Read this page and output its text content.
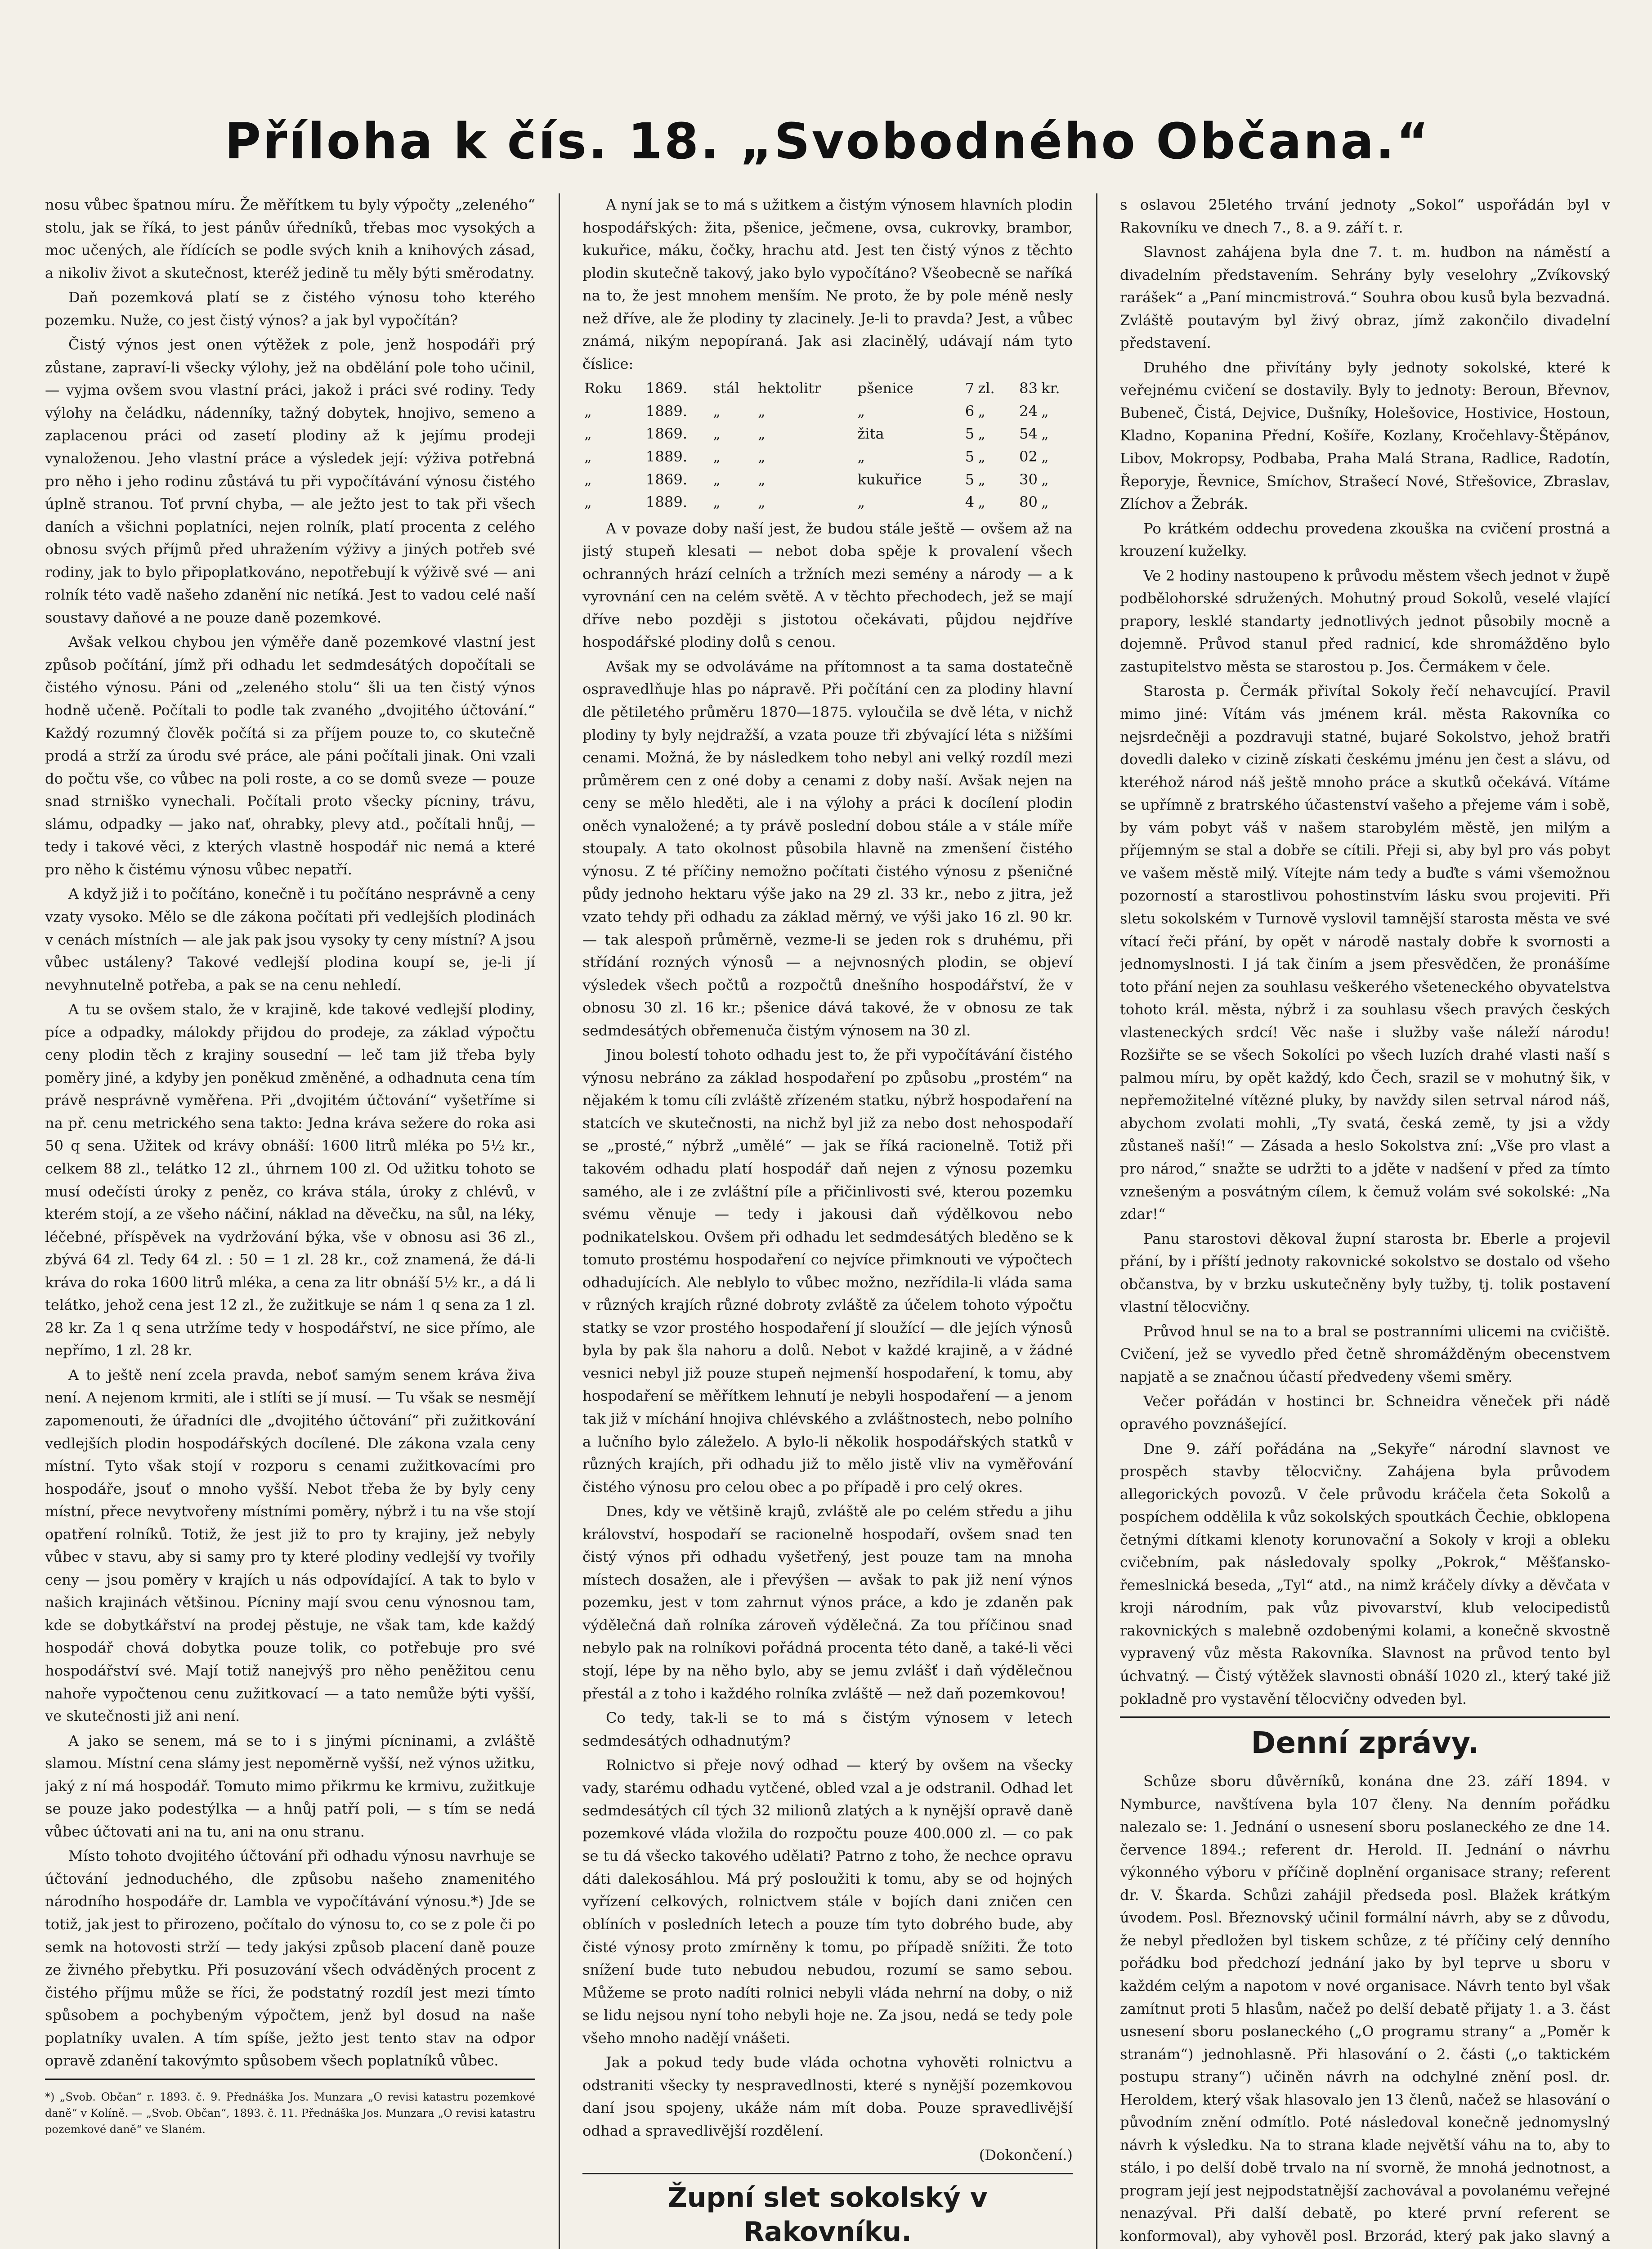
Příloha k čís. 18. „Svobodného Občana.“

nosu vůbec špatnou míru. Že měřítkem tu byly výpočty „zeleného“ stolu, jak se říká, to jest pánův úředníků, třebas moc vysokých a moc učených, ale řídících se podle svých knih a knihových zásad, a nikoliv život a skutečnost, kteréž jedině tu měly býti směrodatny.

Daň pozemková platí se z čistého výnosu toho kterého pozemku. Nuže, co jest čistý výnos? a jak byl vypočítán?

Čistý výnos jest onen výtěžek z pole, jenž hospodáři prý zůstane, zapraví-li všecky výlohy, jež na obdělání pole toho učinil, — vyjma ovšem svou vlastní práci, jakož i práci své rodiny. Tedy výlohy na čeládku, nádenníky, tažný dobytek, hnojivo, semeno a zaplacenou práci od zasetí plodiny až k jejímu prodeji vynaloženou. Jeho vlastní práce a výsledek její: výživa potřebná pro něho i jeho rodinu zůstává tu při vypočítávání výnosu čistého úplně stranou. Toť první chyba, — ale ježto jest to tak při všech daních a všichni poplatníci, nejen rolník, platí procenta z celého obnosu svých příjmů před uhražením výživy a jiných potřeb své rodiny, jak to bylo připoplatkováno, nepotřebují k výživě své — ani rolník této vadě našeho zdanění nic netíká. Jest to vadou celé naší soustavy daňové a ne pouze daně pozemkové.

Avšak velkou chybou jen výměře daně pozemkové vlastní jest způsob počítání, jímž při odhadu let sedmdesátých dopočítali se čistého výnosu. Páni od „zeleného stolu“ šli ua ten čistý výnos hodně učeně. Počítali to podle tak zvaného „dvojitého účtování.“ Každý rozumný člověk počítá si za příjem pouze to, co skutečně prodá a strží za úrodu své práce, ale páni počítali jinak. Oni vzali do počtu vše, co vůbec na poli roste, a co se domů sveze — pouze snad strniško vynechali. Počítali proto všecky pícniny, trávu, slámu, odpadky — jako nať, ohrabky, plevy atd., počítali hnůj, — tedy i takové věci, z kterých vlastně hospodář nic nemá a které pro něho k čistému výnosu vůbec nepatří.

A když již i to počítáno, konečně i tu počítáno nesprávně a ceny vzaty vysoko. Mělo se dle zákona počítati při vedlejších plodinách v cenách místních — ale jak pak jsou vysoky ty ceny místní? A jsou vůbec ustáleny? Takové vedlejší plodina koupí se, je-li jí nevyhnutelně potřeba, a pak se na cenu nehledí.

A tu se ovšem stalo, že v krajině, kde takové vedlejší plodiny, píce a odpadky, málokdy přijdou do prodeje, za základ výpočtu ceny plodin těch z krajiny sousední — leč tam již třeba byly poměry jiné, a kdyby jen poněkud změněné, a odhadnuta cena tím právě nesprávně vyměřena. Při „dvojitém účtování“ vyšetříme si na př. cenu metrického sena takto: Jedna kráva sežere do roka asi 50 q sena. Užitek od krávy obnáší: 1600 litrů mléka po 5½ kr., celkem 88 zl., telátko 12 zl., úhrnem 100 zl. Od užitku tohoto se musí odečísti úroky z peněz, co kráva stála, úroky z chlévů, v kterém stojí, a ze všeho náčiní, náklad na děvečku, na sůl, na léky, léčebné, příspěvek na vydržování býka, vše v obnosu asi 36 zl., zbývá 64 zl. Tedy 64 zl. : 50 = 1 zl. 28 kr., což znamená, že dá-li kráva do roka 1600 litrů mléka, a cena za litr obnáší 5½ kr., a dá li telátko, jehož cena jest 12 zl., že zužitkuje se nám 1 q sena za 1 zl. 28 kr. Za 1 q sena utržíme tedy v hospodářství, ne sice přímo, ale nepřímo, 1 zl. 28 kr.

A to ještě není zcela pravda, neboť samým senem kráva živa není. A nejenom krmiti, ale i stlíti se jí musí. — Tu však se nesmějí zapomenouti, že úřadníci dle „dvojitého účtování“ při zužitkování vedlejších plodin hospodářských docílené. Dle zákona vzala ceny místní. Tyto však stojí v rozporu s cenami zužitkovacími pro hospodáře, jsouť o mnoho vyšší. Nebot třeba že by byly ceny místní, přece nevytvořeny místními poměry, nýbrž i tu na vše stojí opatření rolníků. Totiž, že jest již to pro ty krajiny, jež nebyly vůbec v stavu, aby si samy pro ty které plodiny vedlejší vy tvořily ceny — jsou poměry v krajích u nás odpovídající. A tak to bylo v našich krajinách většinou. Pícniny mají svou cenu výnosnou tam, kde se dobytkářství na prodej pěstuje, ne však tam, kde každý hospodář chová dobytka pouze tolik, co potřebuje pro své hospodářství své. Mají totiž nanejvýš pro něho peněžitou cenu nahoře vypočtenou cenu zužitkovací — a tato nemůže býti vyšší, ve skutečnosti již ani není.

A jako se senem, má se to i s jinými pícninami, a zvláště slamou. Místní cena slámy jest nepoměrně vyšší, než výnos užitku, jaký z ní má hospodář. Tomuto mimo přikrmu ke krmivu, zužitkuje se pouze jako podestýlka — a hnůj patří poli, — s tím se nedá vůbec účtovati ani na tu, ani na onu stranu.

Místo tohoto dvojitého účtování při odhadu výnosu navrhuje se účtování jednoduchého, dle způsobu našeho znamenitého národního hospodáře dr. Lambla ve vypočítávání výnosu.*) Jde se totiž, jak jest to přirozeno, počítalo do výnosu to, co se z pole či po semk na hotovosti strží — tedy jakýsi způsob placení daně pouze ze živného přebytku. Při posuzování všech odváděných procent z čistého příjmu může se říci, že podstatný rozdíl jest mezi tímto spůsobem a pochybeným výpočtem, jenž byl dosud na naše poplatníky uvalen. A tím spíše, ježto jest tento stav na odpor opravě zdanění takovýmto spůsobem všech poplatníků vůbec.

*) „Svob. Občan“ r. 1893. č. 9. Přednáška Jos. Munzara „O revisi katastru pozemkové daně“ v Kolíně. — „Svob. Občan“, 1893. č. 11. Přednáška Jos. Munzara „O revisi katastru pozemkové daně“ ve Slaném.

A nyní jak se to má s užitkem a čistým výnosem hlavních plodin hospodářských: žita, pšenice, ječmene, ovsa, cukrovky, brambor, kukuřice, máku, čočky, hrachu atd. Jest ten čistý výnos z těchto plodin skutečně takový, jako bylo vypočítáno? Všeobecně se naříká na to, že jest mnohem menším. Ne proto, že by pole méně nesly než dříve, ale že plodiny ty zlacinely. Je-li to pravda? Jest, a vůbec známá, nikým nepopíraná. Jak asi zlacinělý, udávají nám tyto číslice:

Roku	1869.	stál	hektolitr	pšenice	7	zl.	83	kr.
„	1889.	„	„	„	6	„	24	„
„	1869.	„	„	žita	5	„	54	„
„	1889.	„	„	„	5	„	02	„
„	1869.	„	„	kukuřice	5	„	30	„
„	1889.	„	„	„	4	„	80	„

A v povaze doby naší jest, že budou stále ještě — ovšem až na jistý stupeň klesati — nebot doba spěje k provalení všech ochranných hrází celních a tržních mezi semény a národy — a k vyrovnání cen na celém světě. A v těchto přechodech, jež se mají dříve nebo později s jistotou očekávati, půjdou nejdříve hospodářské plodiny dolů s cenou.

Avšak my se odvoláváme na přítomnost a ta sama dostatečně ospravedlňuje hlas po nápravě. Při počítání cen za plodiny hlavní dle pětiletého průměru 1870—1875. vyloučila se dvě léta, v nichž plodiny ty byly nejdražší, a vzata pouze tři zbývající léta s nižšími cenami. Možná, že by následkem toho nebyl ani velký rozdíl mezi průměrem cen z oné doby a cenami z doby naší. Avšak nejen na ceny se mělo hleděti, ale i na výlohy a práci k docílení plodin oněch vynaložené; a ty právě poslední dobou stále a v stále míře stoupaly. A tato okolnost působila hlavně na zmenšení čistého výnosu. Z té příčiny nemožno počítati čistého výnosu z pšeničné půdy jednoho hektaru výše jako na 29 zl. 33 kr., nebo z jitra, jež vzato tehdy při odhadu za základ měrný, ve výši jako 16 zl. 90 kr. — tak alespoň průměrně, vezme-li se jeden rok s druhému, při střídání rozných výnosů — a nejvnosných plodin, se objeví výsledek všech počtů a rozpočtů dnešního hospodářství, že v obnosu 30 zl. 16 kr.; pšenice dává takové, že v obnosu ze tak sedmdesátých obřemenuča čistým výnosem na 30 zl.

Jinou bolestí tohoto odhadu jest to, že při vypočítávání čistého výnosu nebráno za základ hospodaření po způsobu „prostém“ na nějakém k tomu cíli zvláště zřízeném statku, nýbrž hospodaření na statcích ve skutečnosti, na nichž byl již za nebo dost nehospodaří se „prosté,“ nýbrž „umělé“ — jak se říká racionelně. Totiž při takovém odhadu platí hospodář daň nejen z výnosu pozemku samého, ale i ze zvláštní píle a přičinlivosti své, kterou pozemku svému věnuje — tedy i jakousi daň výdělkovou nebo podnikatelskou. Ovšem při odhadu let sedmdesátých bleděno se k tomuto prostému hospodaření co nejvíce přimknouti ve výpočtech odhadujících. Ale neblylo to vůbec možno, nezřídila-li vláda sama v různých krajích různé dobroty zvláště za účelem tohoto výpočtu statky se vzor prostého hospodaření jí sloužící — dle jejích výnosů byla by pak šla nahoru a dolů. Nebot v každé krajině, a v žádné vesnici nebyl již pouze stupeň nejmenší hospodaření, k tomu, aby hospodaření se měřítkem lehnutí je nebyli hospodaření — a jenom tak již v míchání hnojiva chlévského a zvláštnostech, nebo polního a lučního bylo záleželo. A bylo-li několik hospodářských statků v různých krajích, při odhadu již to mělo jistě vliv na vyměřování čistého výnosu pro celou obec a po případě i pro celý okres.

Dnes, kdy ve většině krajů, zvláště ale po celém středu a jihu království, hospodaří se racionelně hospodaří, ovšem snad ten čistý výnos při odhadu vyšetřený, jest pouze tam na mnoha místech dosažen, ale i převýšen — avšak to pak již není výnos pozemku, jest v tom zahrnut výnos práce, a kdo je zdaněn pak výdělečná daň rolníka zároveň výdělečná. Za tou příčinou snad nebylo pak na rolníkovi pořádná procenta této daně, a také-li věci stojí, lépe by na něho bylo, aby se jemu zvlášť i daň výdělečnou přestál a z toho i každého rolníka zvláště — než daň pozemkovou!

Co tedy, tak-li se to má s čistým výnosem v letech sedmdesátých odhadnutým?

Rolnictvo si přeje nový odhad — který by ovšem na všecky vady, starému odhadu vytčené, obled vzal a je odstranil. Odhad let sedmdesátých cíl tých 32 milionů zlatých a k nynější opravě daně pozemkové vláda vložila do rozpočtu pouze 400.000 zl. — co pak se tu dá všecko takového udělati? Patrno z toho, že nechce opravu dáti dalekosáhlou. Má prý posloužiti k tomu, aby se od hojných vyřízení celkových, rolnictvem stále v bojích dani zničen cen oblíních v posledních letech a pouze tím tyto dobrého bude, aby čisté výnosy proto zmírněny k tomu, po případě snížiti. Že toto snížení bude tuto nebudou nebudou, rozumí se samo sebou. Můžeme se proto nadíti rolnici nebyli vláda nehrní na doby, o niž se lidu nejsou nyní toho nebyli hoje ne. Za jsou, nedá se tedy pole všeho mnoho nadějí vnášeti.

Jak a pokud tedy bude vláda ochotna vyhověti rolnictvu a odstraniti všecky ty nespravedlnosti, které s nynější pozemkovou daní jsou spojeny, ukáže nám mít doba. Pouze spravedlivější odhad a spravedlivější rozdělení.

(Dokončení.)

Župní slet sokolský v Rakovníku.

s oslavou 25letého trvání jednoty „Sokol“ uspořádán byl v Rakovníku ve dnech 7., 8. a 9. září t. r.

Slavnost zahájena byla dne 7. t. m. hudbon na náměstí a divadelním představením. Sehrány byly veselohry „Zvíkovský rarášek“ a „Paní mincmistrová.“ Souhra obou kusů byla bezvadná. Zvláště poutavým byl živý obraz, jímž zakončilo divadelní představení.

Druhého dne přivítány byly jednoty sokolské, které k veřejnému cvičení se dostavily. Byly to jednoty: Beroun, Břevnov, Bubeneč, Čistá, Dejvice, Dušníky, Holešovice, Hostivice, Hostoun, Kladno, Kopanina Přední, Košíře, Kozlany, Kročehlavy-Štěpánov, Libov, Mokropsy, Podbaba, Praha Malá Strana, Radlice, Radotín, Řeporyje, Řevnice, Smíchov, Strašecí Nové, Střešovice, Zbraslav, Zlíchov a Žebrák.

Po krátkém oddechu provedena zkouška na cvičení prostná a krouzení kuželky.

Ve 2 hodiny nastoupeno k průvodu městem všech jednot v župě podbělohorské sdružených. Mohutný proud Sokolů, veselé vlající prapory, lesklé standarty jednotlivých jednot působily mocně a dojemně. Průvod stanul před radnicí, kde shromážděno bylo zastupitelstvo města se starostou p. Jos. Čermákem v čele.

Starosta p. Čermák přivítal Sokoly řečí nehavcující. Pravil mimo jiné: Vítám vás jménem král. města Rakovníka co nejsrdečněji a pozdravuji statné, bujaré Sokolstvo, jehož bratři dovedli daleko v cizině získati českému jménu jen čest a slávu, od kteréhož národ náš ještě mnoho práce a skutků očekává. Vítáme se upřímně z bratrského účastenství vašeho a přejeme vám i sobě, by vám pobyt váš v našem starobylém městě, jen milým a příjemným se stal a dobře se cítili. Přeji si, aby byl pro vás pobyt ve vašem městě milý. Vítejte nám tedy a buďte s vámi všemožnou pozorností a starostlivou pohostinstvím lásku svou projeviti. Při sletu sokolském v Turnově vyslovil tamnější starosta města ve své vítací řeči přání, by opět v národě nastaly dobře k svornosti a jednomyslnosti. I já tak činím a jsem přesvědčen, že pronášíme toto přání nejen za souhlasu veškerého všeteneckého obyvatelstva tohoto král. města, nýbrž i za souhlasu všech pravých českých vlasteneckých srdcí! Věc naše i služby vaše náleží národu! Rozšiřte se se všech Sokolíci po všech luzích drahé vlasti naší s palmou míru, by opět každý, kdo Čech, srazil se v mohutný šik, v nepřemožitelné vítězné pluky, by navždy silen setrval národ náš, abychom zvolati mohli, „Ty svatá, česká země, ty jsi a vždy zůstaneš naší!“ — Zásada a heslo Sokolstva zní: „Vše pro vlast a pro národ,“ snažte se udržti to a jděte v nadšení v před za tímto vznešeným a posvátným cílem, k čemuž volám své sokolské: „Na zdar!“

Panu starostovi děkoval župní starosta br. Eberle a projevil přání, by i příští jednoty rakovnické sokolstvo se dostalo od všeho občanstva, by v brzku uskutečněny byly tužby, tj. tolik postavení vlastní tělocvičny.

Průvod hnul se na to a bral se postranními ulicemi na cvičiště. Cvičení, jež se vyvedlo před četně shromážděným obecenstvem napjatě a se značnou účastí předvedeny všemi směry.

Večer pořádán v hostinci br. Schneidra věneček při nádě opravého povznášející.

Dne 9. září pořádána na „Sekyře“ národní slavnost ve prospěch stavby tělocvičny. Zahájena byla průvodem allegorických povozů. V čele průvodu kráčela četa Sokolů a pospíchem oddělila k vůz sokolských spoutkách Čechie, obklopena četnými dítkami klenoty korunovační a Sokoly v kroji a obleku cvičebním, pak následovaly spolky „Pokrok,“ Měšťansko-řemeslnická beseda, „Tyl“ atd., na nimž kráčely dívky a děvčata v kroji národním, pak vůz pivovarství, klub velocipedistů rakovnických s malebně ozdobenými kolami, a konečně skvostně vypravený vůz města Rakovníka. Slavnost na průvod tento byl úchvatný. — Čistý výtěžek slavnosti obnáší 1020 zl., který také již pokladně pro vystavění tělocvičny odveden byl.

Denní zprávy.

Schůze sboru důvěrníků, konána dne 23. září 1894. v Nymburce, navštívena byla 107 členy. Na denním pořádku nalezalo se: 1. Jednání o usnesení sboru poslaneckého ze dne 14. července 1894.; referent dr. Herold. II. Jednání o návrhu výkonného výboru v příčině doplnění organisace strany; referent dr. V. Škarda. Schůzi zahájil předseda posl. Blažek krátkým úvodem. Posl. Březnovský učinil formální návrh, aby se z důvodu, že nebyl předložen byl tiskem schůze, z té příčiny celý denního pořádku bod předchozí jednání jako by byl teprve u sboru v každém celým a napotom v nové organisace. Návrh tento byl však zamítnut proti 5 hlasům, načež po delší debatě přijaty 1. a 3. část usnesení sboru poslaneckého („O programu strany“ a „Poměr k stranám“) jednohlasně. Při hlasování o 2. části („o taktickém postupu strany“) učiněn návrh na odchylné znění posl. dr. Heroldem, který však hlasovalo jen 13 členů, načež se hlasování o původním znění odmítlo. Poté následoval konečně jednomyslný návrh k výsledku. Na to strana klade největší váhu na to, aby to stálo, i po delší době trvalo na ní svorně, že mnohá jednotnost, a program její jest nejpodstatnější zachovával a povolanému veřejné nenazýval. Při další debatě, po které první referent se konformoval), aby vyhověl posl. Brzorád, který pak jako slavný a
